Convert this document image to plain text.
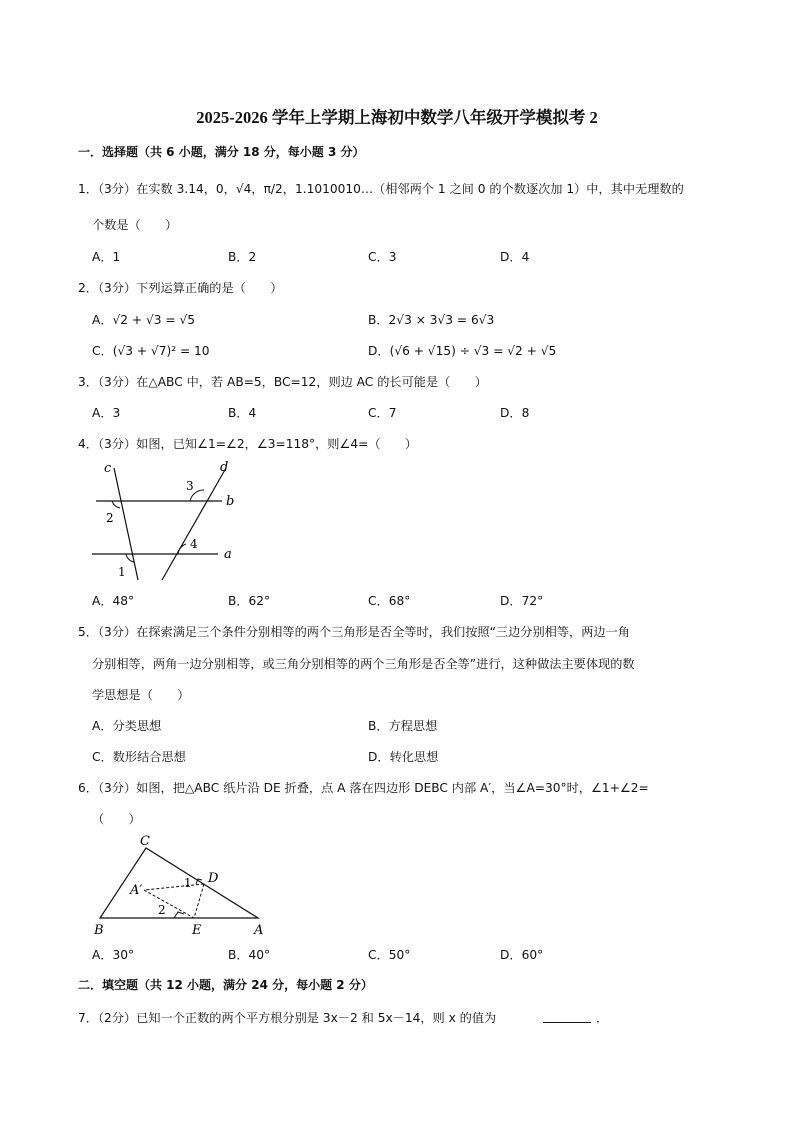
2025-2026 学年上学期上海初中数学八年级开学模拟考 2
一．选择题（共 6 小题，满分 18 分，每小题 3 分）
1．（3分）在实数 3.14，0，√4，π/2，1.1010010…（相邻两个 1 之间 0 的个数逐次加 1）中，其中无理数的
个数是（　　）
A．1	B．2	C．3	D．4
2．（3分）下列运算正确的是（　　）
A．√2 + √3 = √5	B．2√3 × 3√3 = 6√3
C．(√3 + √7)² = 10	D．(√6 + √15) ÷ √3 = √2 + √5
3．（3分）在△ABC 中，若 AB=5，BC=12，则边 AC 的长可能是（　　）
A．3	B．4	C．7	D．8
4．（3分）如图，已知∠1=∠2，∠3=118°，则∠4=（　　）
c	d
b
a
1
2
3
4
A．48°	B．62°	C．68°	D．72°
5．（3分）在探索满足三个条件分别相等的两个三角形是否全等时，我们按照“三边分别相等，两边一角
分别相等，两角一边分别相等，或三角分别相等的两个三角形是否全等”进行，这种做法主要体现的数
学思想是（　　）
A．分类思想	B．方程思想
C．数形结合思想	D．转化思想
6．（3分）如图，把△ABC 纸片沿 DE 折叠，点 A 落在四边形 DEBC 内部 A′，当∠A=30°时，∠1+∠2=
（　　）
C
D
A′	1
2
B	E	A
A．30°	B．40°	C．50°	D．60°
二．填空题（共 12 小题，满分 24 分，每小题 2 分）
7．（2分）已知一个正数的两个平方根分别是 3x－2 和 5x－14，则 x 的值为	．
